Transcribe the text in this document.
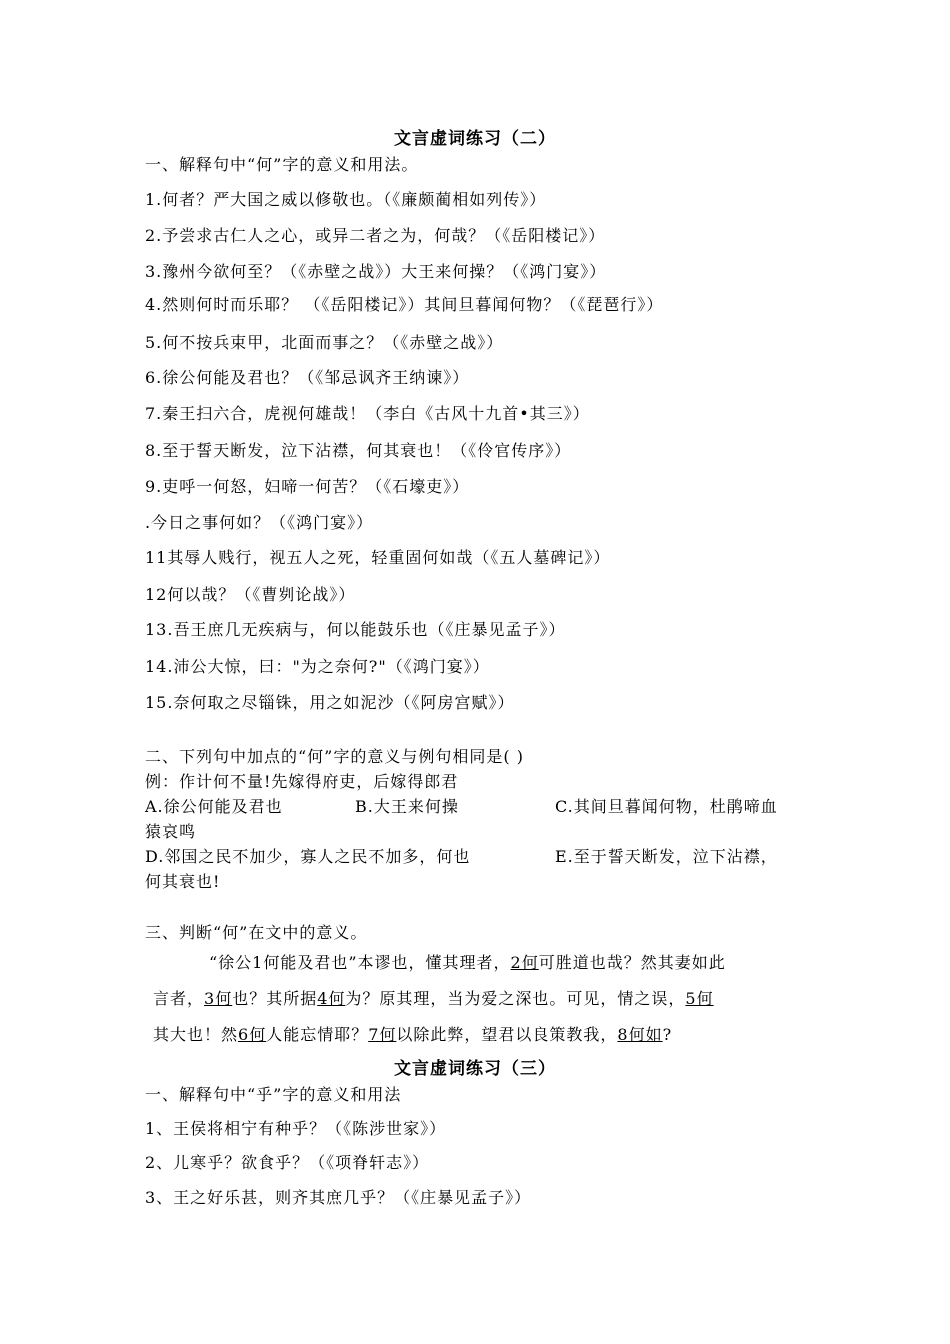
文言虚词练习（二）
一、解释句中“何”字的意义和用法。
1.何者？严大国之威以修敬也。（《廉颇蔺相如列传》）
2.予尝求古仁人之心，或异二者之为，何哉？（《岳阳楼记》）
3.豫州今欲何至？（《赤壁之战》）大王来何操？（《鸿门宴》）
4.然则何时而乐耶？ （《岳阳楼记》）其间旦暮闻何物？（《琵琶行》）
5.何不按兵束甲，北面而事之？（《赤壁之战》）
6.徐公何能及君也？（《邹忌讽齐王纳谏》）
7.秦王扫六合，虎视何雄哉！（李白《古风十九首•其三》）
8.至于誓天断发，泣下沾襟，何其衰也！（《伶官传序》）
9.吏呼一何怒，妇啼一何苦？（《石壕吏》）
.今日之事何如？（《鸿门宴》）
11其辱人贱行，视五人之死，轻重固何如哉（《五人墓碑记》）
12何以哉？（《曹刿论战》）
13.吾王庶几无疾病与，何以能鼓乐也（《庄暴见孟子》）
14.沛公大惊，曰："为之奈何?"（《鸿门宴》）
15.奈何取之尽锱铢，用之如泥沙（《阿房宫赋》）
二、下列句中加点的“何”字的意义与例句相同是( )
例：作计何不量!先嫁得府吏，后嫁得郎君
A.徐公何能及君也	B.大王来何操	C.其间旦暮闻何物，杜鹃啼血
猿哀鸣
D.邻国之民不加少，寡人之民不加多，何也	E.至于誓天断发，泣下沾襟，
何其衰也!
三、判断“何”在文中的意义。
“徐公1何能及君也”本谬也，懂其理者，2何可胜道也哉？然其妻如此
言者，3何也？其所据4何为？原其理，当为爱之深也。可见，情之误，5何
其大也！然6何人能忘情耶？7何以除此弊，望君以良策教我，8何如?
文言虚词练习（三）
一、解释句中“乎”字的意义和用法
1、王侯将相宁有种乎？（《陈涉世家》）
2、儿寒乎？欲食乎？（《项脊轩志》）
3、王之好乐甚，则齐其庶几乎？（《庄暴见孟子》）
